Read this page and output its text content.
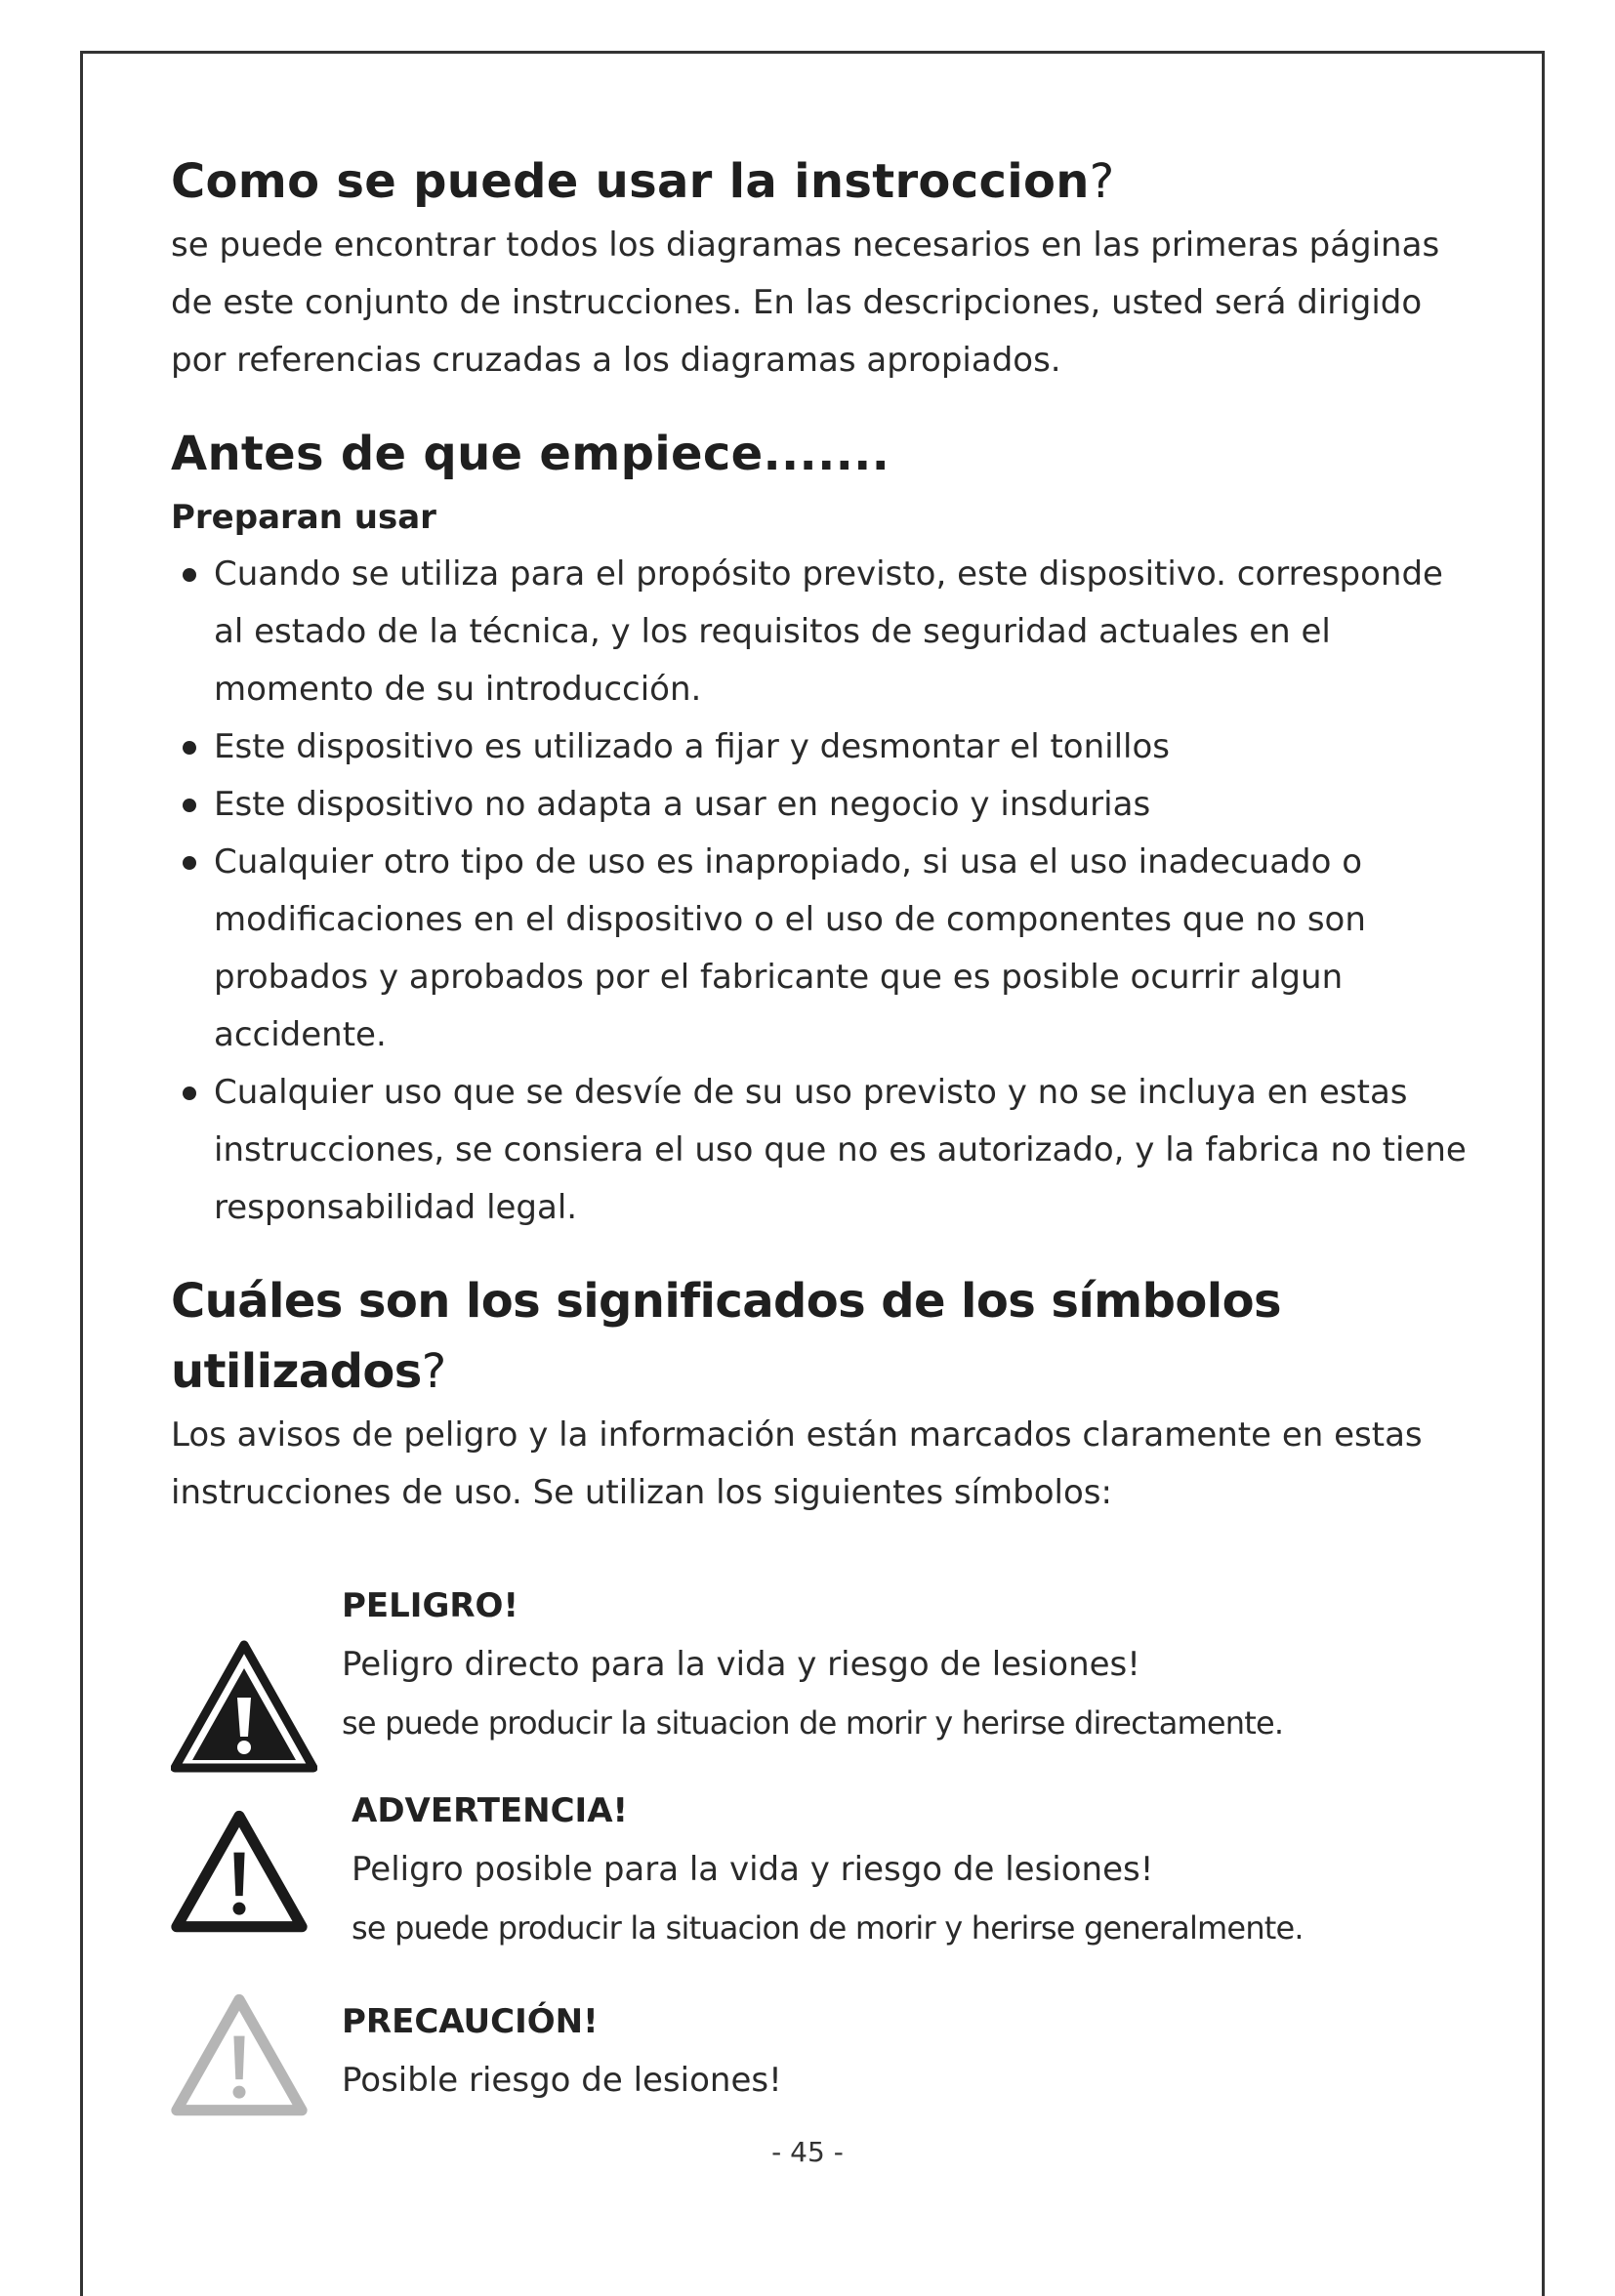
Como se puede usar la instroccion?

se puede encontrar todos los diagramas necesarios en las primeras páginas de este conjunto de instrucciones. En las descripciones, usted será dirigido por referencias cruzadas a los diagramas apropiados.

Antes de que empiece.......
Preparan usar
Cuando se utiliza para el propósito previsto, este dispositivo. corresponde al estado de la técnica, y los requisitos de seguridad actuales en el momento de su introducción.
Este dispositivo es utilizado a fijar y desmontar el tonillos
Este dispositivo no adapta a usar en negocio y insdurias
Cualquier otro tipo de uso es inapropiado, si usa el uso inadecuado o modificaciones en el dispositivo o el uso de componentes que no son probados y aprobados por el fabricante que es posible ocurrir algun accidente.
Cualquier uso que se desvíe de su uso previsto y no se incluya en estas instrucciones, se consiera el uso que no es autorizado, y la fabrica no tiene responsabilidad legal.
Cuáles son los significados de los símbolos utilizados?

Los avisos de peligro y la información están marcados claramente en estas instrucciones de uso. Se utilizan los siguientes símbolos:

PELIGRO!

Peligro directo para la vida y riesgo de lesiones!

se puede producir la situacion de morir y herirse directamente.

ADVERTENCIA!

Peligro posible para la vida y riesgo de lesiones!

se puede producir la situacion de morir y herirse generalmente.

PRECAUCIÓN!

Posible riesgo de lesiones!

- 45 -
